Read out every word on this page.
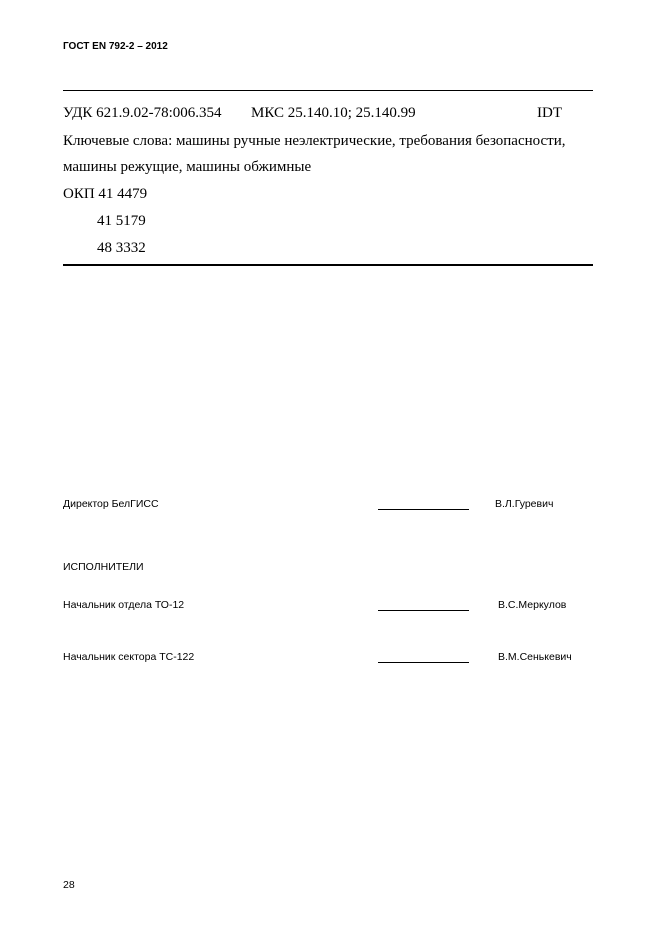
ГОСТ EN 792-2 – 2012
УДК 621.9.02-78:006.354 МКС 25.140.10; 25.140.99	IDT
Ключевые слова: машины ручные неэлектрические, требования безопасности,
машины режущие, машины обжимные
ОКП 41 4479
41 5179
48 3332
Директор БелГИСС	В.Л.Гуревич
ИСПОЛНИТЕЛИ
Начальник отдела ТО-12	В.С.Меркулов
Начальник сектора ТС-122	В.М.Сенькевич
28
